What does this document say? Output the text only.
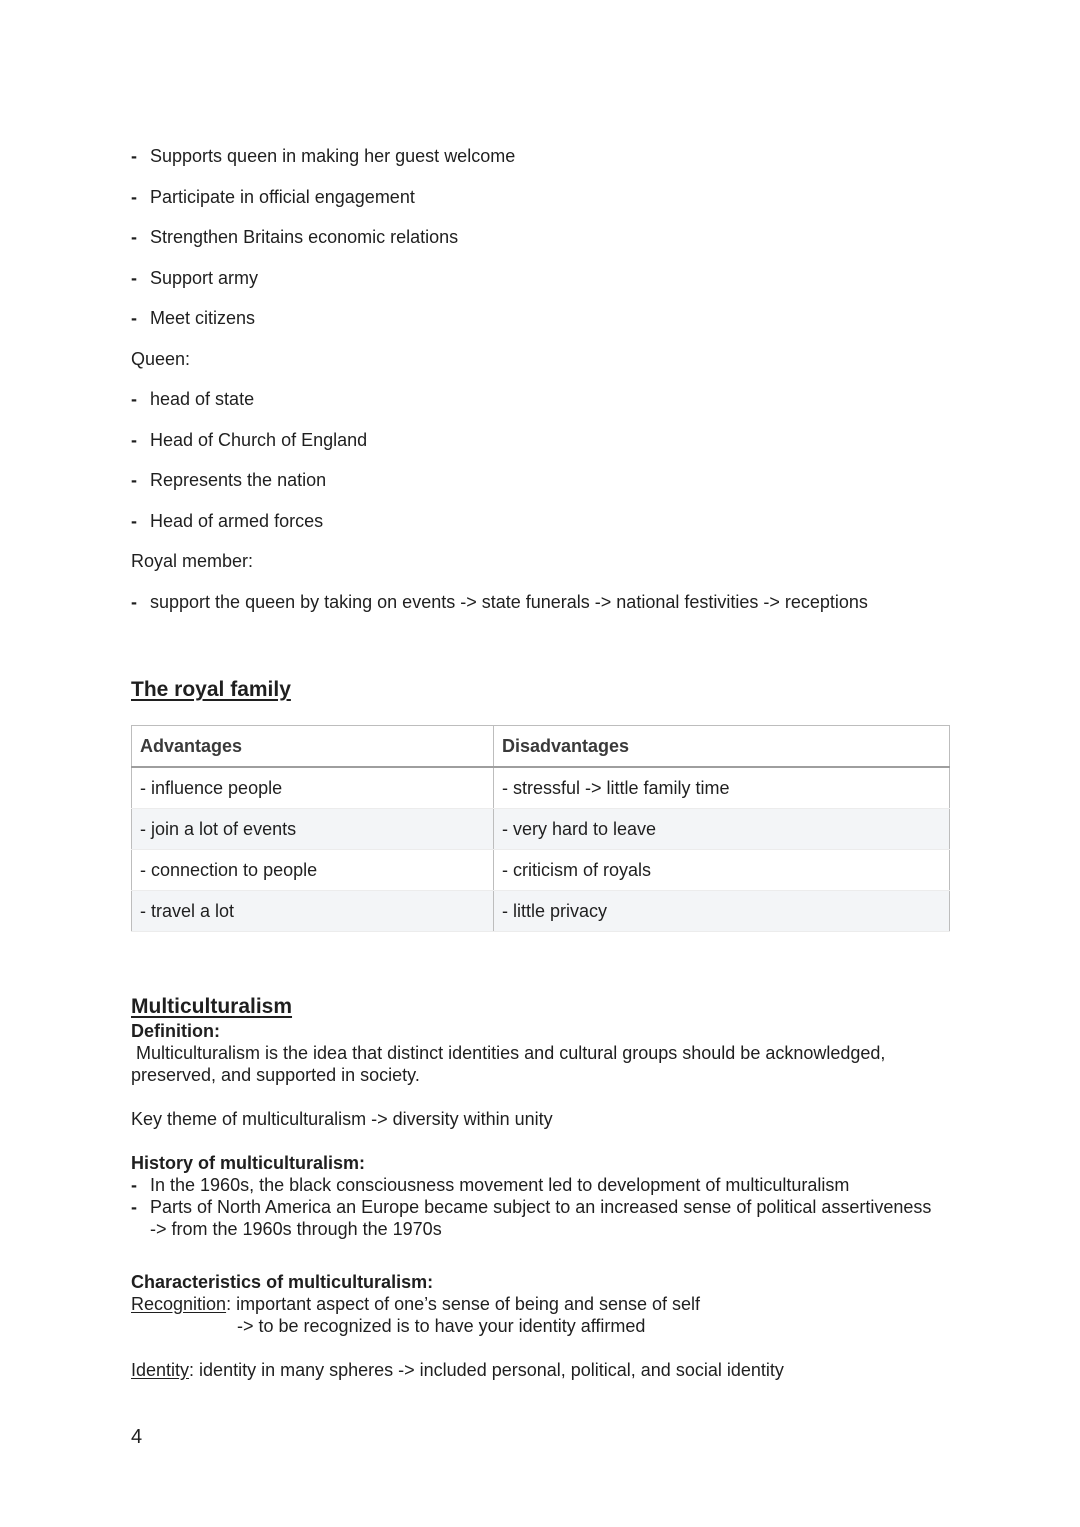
- Supports queen in making her guest welcome
- Participate in official engagement
- Strengthen Britains economic relations
- Support army
- Meet citizens
Queen:
- head of state
- Head of Church of England
- Represents the nation
- Head of armed forces
Royal member:
- support the queen by taking on events -> state funerals -> national festivities -> receptions
The royal family
Advantages	Disadvantages
- influence people	- stressful -> little family time
- join a lot of events	- very hard to leave
- connection to people	- criticism of royals
- travel a lot	- little privacy
Multiculturalism

Definition:

Multiculturalism is the idea that distinct identities and cultural groups should be acknowledged,

preserved, and supported in society.

Key theme of multiculturalism -> diversity within unity

History of multiculturalism:

- In the 1960s, the black consciousness movement led to development of multiculturalism
- Parts of North America an Europe became subject to an increased sense of political assertiveness
-> from the 1960s through the 1970s

Characteristics of multiculturalism:

Recognition: important aspect of one’s sense of being and sense of self

-> to be recognized is to have your identity affirmed

Identity: identity in many spheres -> included personal, political, and social identity

4
